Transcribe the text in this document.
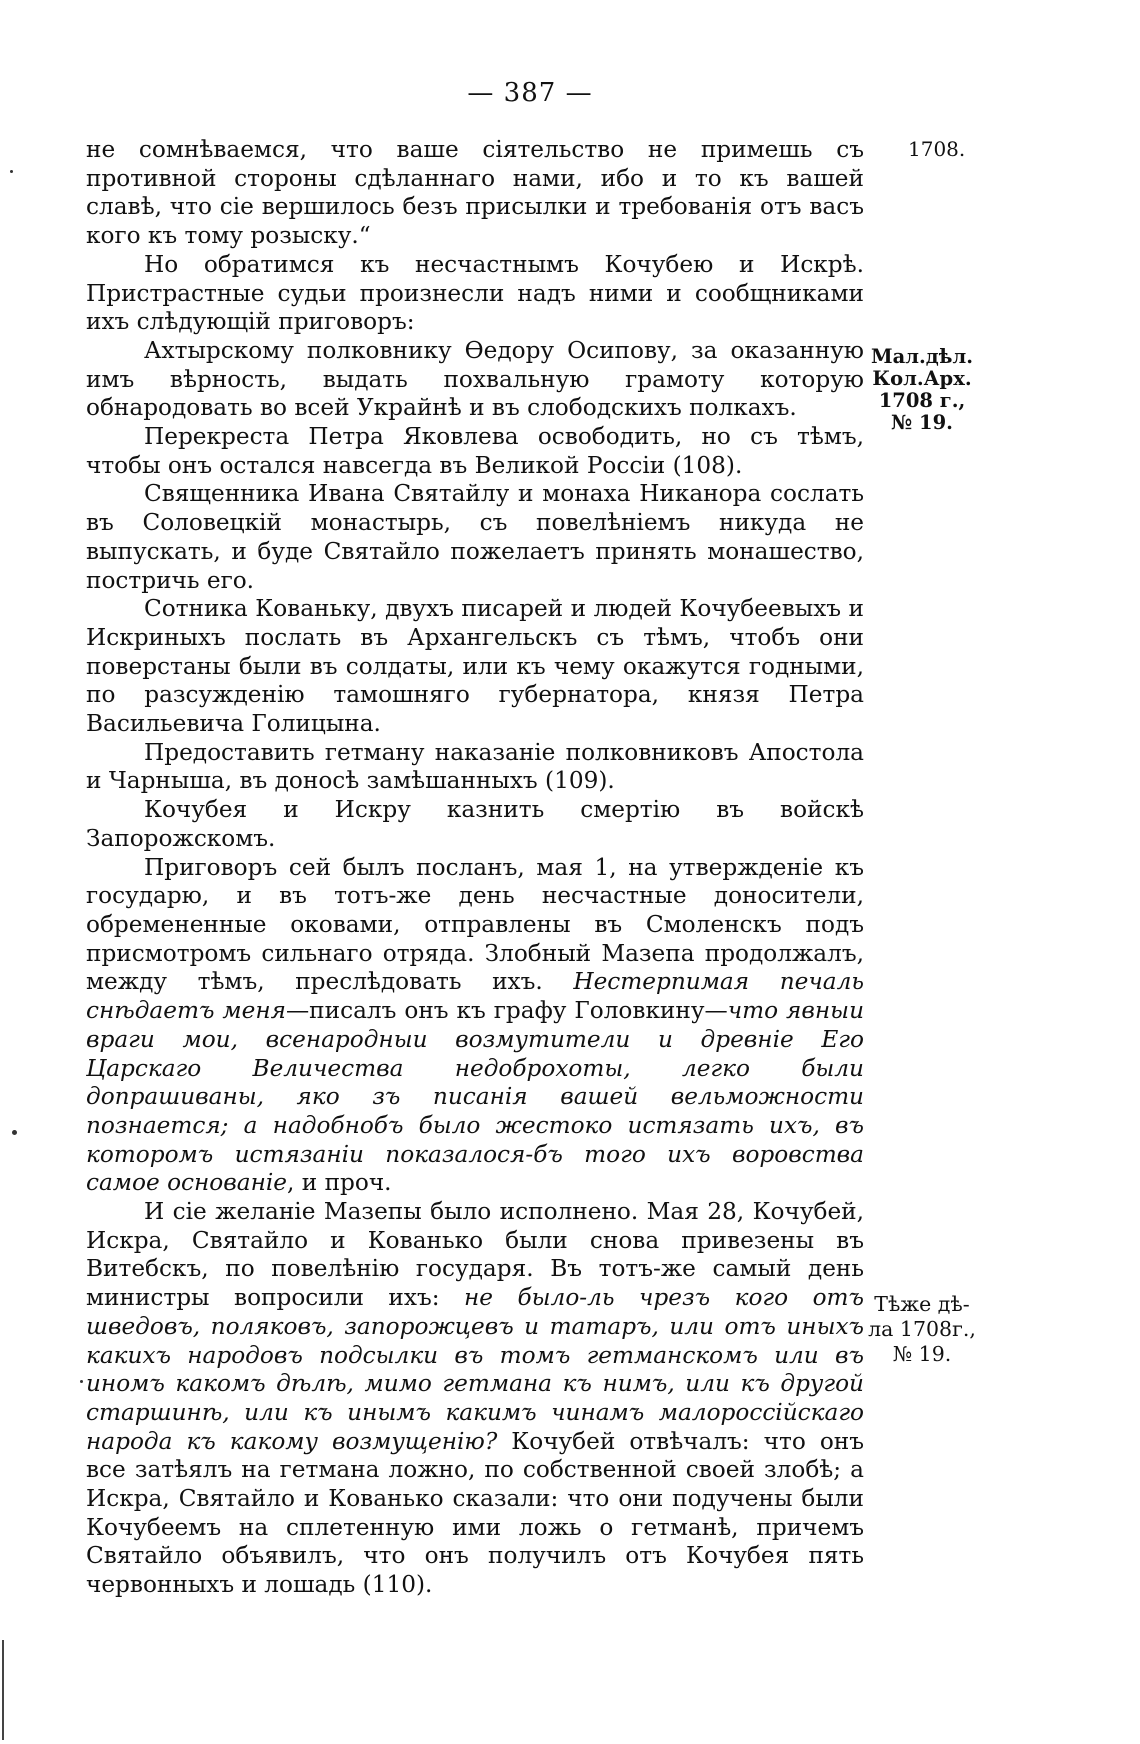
— 387 —

не сомнѣваемся, что ваше сіятельство не примешь съ противной стороны сдѣланнаго нами, ибо и то къ вашей славѣ, что сіе вершилось безъ присылки и требованія отъ васъ кого къ тому розыску.“

Но обратимся къ несчастнымъ Кочубею и Искрѣ. Пристрастные судьи произнесли надъ ними и сообщниками ихъ слѣдующій приговоръ:

Ахтырскому полковнику Ѳедору Осипову, за оказанную имъ вѣрность, выдать похвальную грамоту которую обнародовать во всей Украйнѣ и въ слободскихъ полкахъ.

Перекреста Петра Яковлева освободить, но съ тѣмъ, чтобы онъ остался навсегда въ Великой Россіи (108).

Священника Ивана Святайлу и монаха Никанора сослать въ Соловецкій монастырь, съ повелѣніемъ никуда не выпускать, и буде Святайло пожелаетъ принять монашество, постричь его.

Сотника Кованьку, двухъ писарей и людей Кочубеевыхъ и Искриныхъ послать въ Архангельскъ съ тѣмъ, чтобъ они поверстаны были въ солдаты, или къ чему окажутся годными, по разсужденію тамошняго губернатора, князя Петра Васильевича Голицына.

Предоставить гетману наказаніе полковниковъ Апостола и Чарныша, въ доносѣ замѣшанныхъ (109).

Кочубея и Искру казнить смертію въ войскѣ Запорожскомъ.

Приговоръ сей былъ посланъ, мая 1, на утвержденіе къ государю, и въ тотъ-же день несчастные доносители, обремененные оковами, отправлены въ Смоленскъ подъ присмотромъ сильнаго отряда. Злобный Мазепа продолжалъ, между тѣмъ, преслѣдовать ихъ. Нестерпимая печаль снѣдаетъ меня—писалъ онъ къ графу Головкину—что явныи враги мои, всенародныи возмутители и древніе Его Царскаго Величества недоброхоты, легко были допрашиваны, яко зъ писанія вашей вельможности познается; а надобнобъ было жестоко истязать ихъ, въ которомъ истязаніи показалося-бъ того ихъ воровства самое основаніе, и проч.

И сіе желаніе Мазепы было исполнено. Мая 28, Кочубей, Искра, Святайло и Кованько были снова привезены въ Витебскъ, по повелѣнію государя. Въ тотъ-же самый день министры вопросили ихъ: не было-ль чрезъ кого отъ шведовъ, поляковъ, запорожцевъ и татаръ, или отъ иныхъ какихъ народовъ подсылки въ томъ гетманскомъ или въ иномъ какомъ дѣлѣ, мимо гетмана къ нимъ, или къ другой старшинѣ, или къ инымъ какимъ чинамъ малороссійскаго народа къ какому возмущенію? Кочубей отвѣчалъ: что онъ все затѣялъ на гетмана ложно, по собственной своей злобѣ; а Искра, Святайло и Кованько сказали: что они подучены были Кочубеемъ на сплетенную ими ложь о гетманѣ, причемъ Святайло объявилъ, что онъ получилъ отъ Кочубея пять червонныхъ и лошадь (110).

1708.
Мал.дѣл.
Кол.Арх.
1708 г.,
№ 19.
Тѣже дѣ-
ла 1708г.,
№ 19.
